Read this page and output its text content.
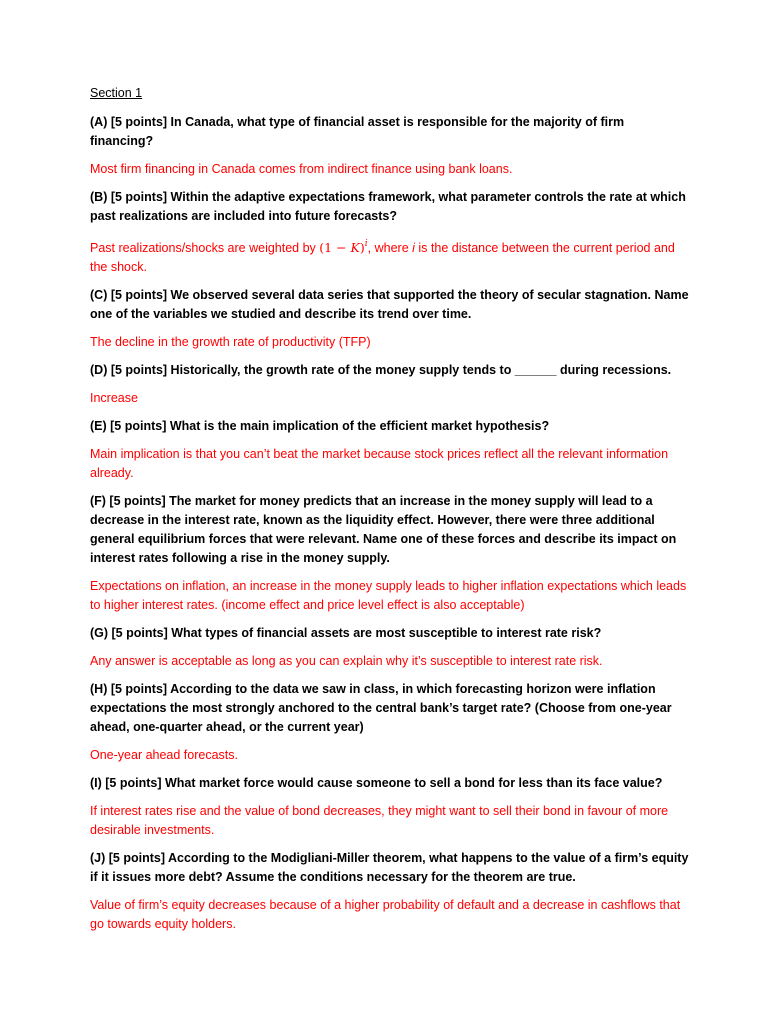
Section 1

(A) [5 points] In Canada, what type of financial asset is responsible for the majority of firm financing?

Most firm financing in Canada comes from indirect finance using bank loans.

(B) [5 points] Within the adaptive expectations framework, what parameter controls the rate at which past realizations are included into future forecasts?

Past realizations/shocks are weighted by $(1 - K)^i$, where i is the distance between the current period and the shock.

(C) [5 points] We observed several data series that supported the theory of secular stagnation. Name one of the variables we studied and describe its trend over time.

The decline in the growth rate of productivity (TFP)

(D) [5 points] Historically, the growth rate of the money supply tends to ______ during recessions.

Increase

(E) [5 points] What is the main implication of the efficient market hypothesis?

Main implication is that you can’t beat the market because stock prices reflect all the relevant information already.

(F) [5 points] The market for money predicts that an increase in the money supply will lead to a decrease in the interest rate, known as the liquidity effect. However, there were three additional general equilibrium forces that were relevant. Name one of these forces and describe its impact on interest rates following a rise in the money supply.

Expectations on inflation, an increase in the money supply leads to higher inflation expectations which leads to higher interest rates. (income effect and price level effect is also acceptable)

(G) [5 points] What types of financial assets are most susceptible to interest rate risk?

Any answer is acceptable as long as you can explain why it’s susceptible to interest rate risk.

(H) [5 points] According to the data we saw in class, in which forecasting horizon were inflation expectations the most strongly anchored to the central bank’s target rate? (Choose from one-year ahead, one-quarter ahead, or the current year)

One-year ahead forecasts.

(I) [5 points] What market force would cause someone to sell a bond for less than its face value?

If interest rates rise and the value of bond decreases, they might want to sell their bond in favour of more desirable investments.

(J) [5 points] According to the Modigliani-Miller theorem, what happens to the value of a firm’s equity if it issues more debt? Assume the conditions necessary for the theorem are true.

Value of firm’s equity decreases because of a higher probability of default and a decrease in cashflows that go towards equity holders.
